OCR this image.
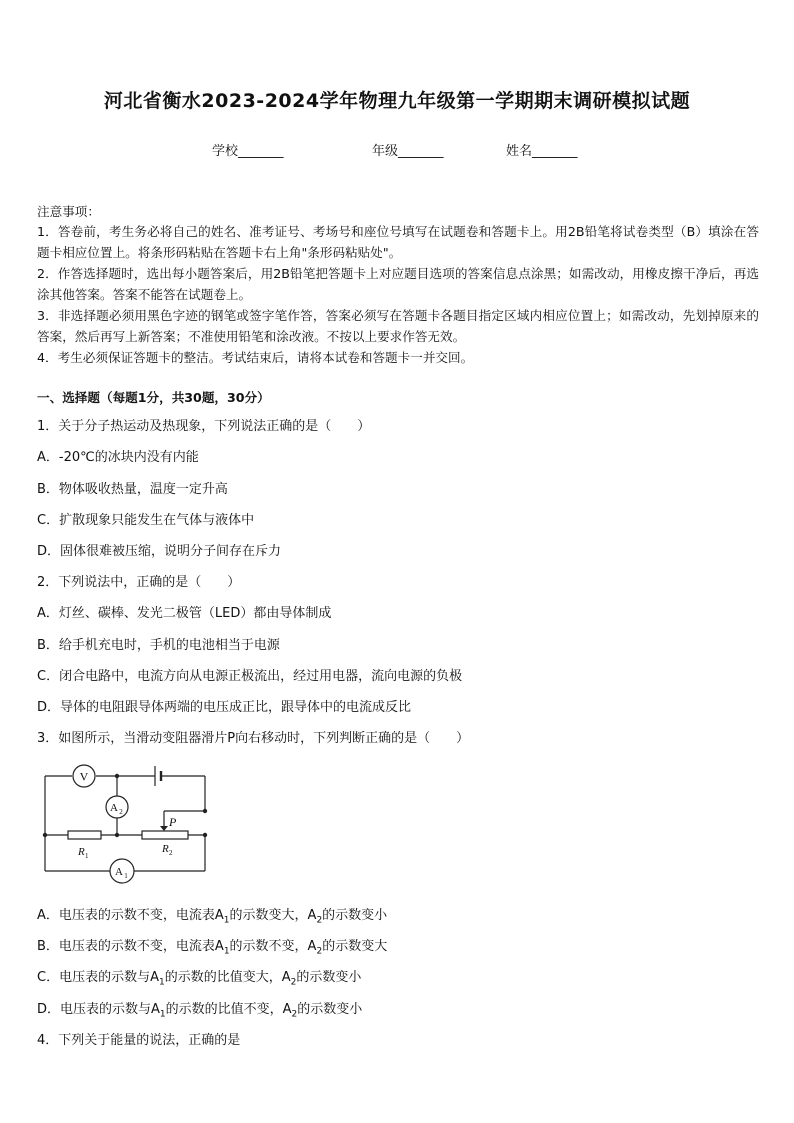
河北省衡水2023-2024学年物理九年级第一学期期末调研模拟试题
学校_______	年级_______	姓名_______
注意事项：

1．答卷前，考生务必将自己的姓名、准考证号、考场号和座位号填写在试题卷和答题卡上。用2B铅笔将试卷类型（B）填涂在答题卡相应位置上。将条形码粘贴在答题卡右上角"条形码粘贴处"。

2．作答选择题时，选出每小题答案后，用2B铅笔把答题卡上对应题目选项的答案信息点涂黑；如需改动，用橡皮擦干净后，再选涂其他答案。答案不能答在试题卷上。

3．非选择题必须用黑色字迹的钢笔或签字笔作答，答案必须写在答题卡各题目指定区域内相应位置上；如需改动，先划掉原来的答案，然后再写上新答案；不准使用铅笔和涂改液。不按以上要求作答无效。

4．考生必须保证答题卡的整洁。考试结束后，请将本试卷和答题卡一并交回。

一、选择题（每题1分，共30题，30分）
1．关于分子热运动及热现象，下列说法正确的是（　　）
A．-20℃的冰块内没有内能
B．物体吸收热量，温度一定升高
C．扩散现象只能发生在气体与液体中
D．固体很难被压缩，说明分子间存在斥力
2．下列说法中，正确的是（　　）
A．灯丝、碳棒、发光二极管（LED）都由导体制成
B．给手机充电时，手机的电池相当于电源
C．闭合电路中，电流方向从电源正极流出，经过用电器，流向电源的负极
D．导体的电阻跟导体两端的电压成正比，跟导体中的电流成反比
3．如图所示，当滑动变阻器滑片P向右移动时，下列判断正确的是（　　）
V
A 2
A 1
P
R 1
R 2
A．电压表的示数不变，电流表$A_1$的示数变大，$A_2$的示数变小
B．电压表的示数不变，电流表$A_1$的示数不变，$A_2$的示数变大
C．电压表的示数与$A_1$的示数的比值变大，$A_2$的示数变小
D．电压表的示数与$A_1$的示数的比值不变，$A_2$的示数变小
4．下列关于能量的说法，正确的是
